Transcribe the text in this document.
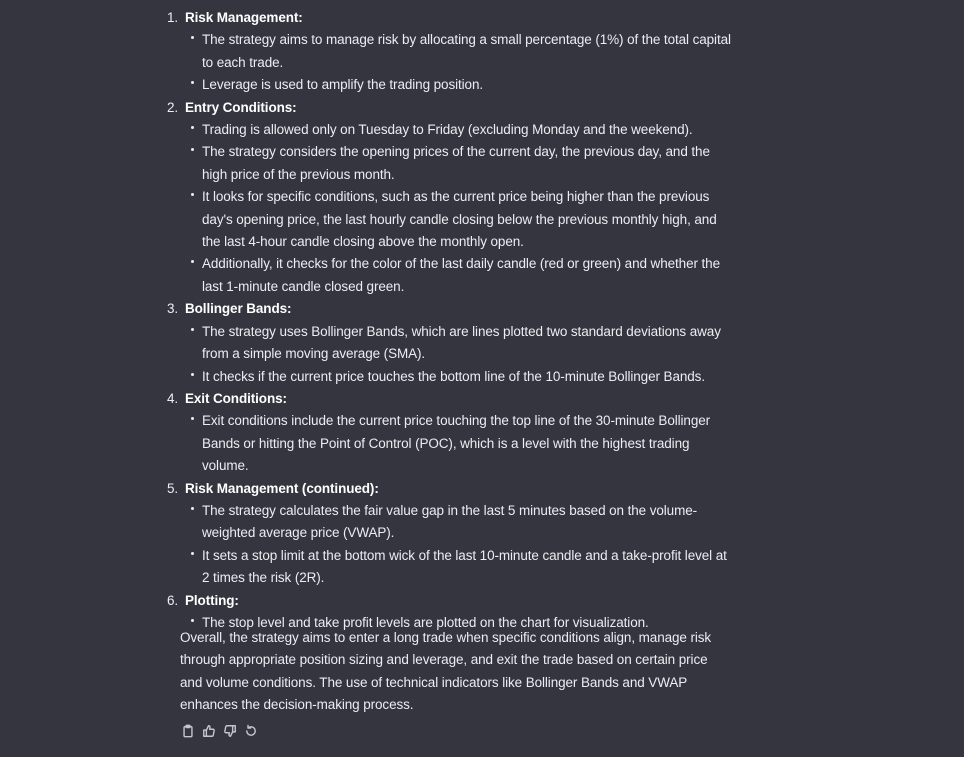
1. Risk Management:
The strategy aims to manage risk by allocating a small percentage (1%) of the total capital to each trade.
Leverage is used to amplify the trading position.
2. Entry Conditions:
Trading is allowed only on Tuesday to Friday (excluding Monday and the weekend).
The strategy considers the opening prices of the current day, the previous day, and the high price of the previous month.
It looks for specific conditions, such as the current price being higher than the previous day's opening price, the last hourly candle closing below the previous monthly high, and the last 4-hour candle closing above the monthly open.
Additionally, it checks for the color of the last daily candle (red or green) and whether the last 1-minute candle closed green.
3. Bollinger Bands:
The strategy uses Bollinger Bands, which are lines plotted two standard deviations away from a simple moving average (SMA).
It checks if the current price touches the bottom line of the 10-minute Bollinger Bands.
4. Exit Conditions:
Exit conditions include the current price touching the top line of the 30-minute Bollinger Bands or hitting the Point of Control (POC), which is a level with the highest trading volume.
5. Risk Management (continued):
The strategy calculates the fair value gap in the last 5 minutes based on the volume-weighted average price (VWAP).
It sets a stop limit at the bottom wick of the last 10-minute candle and a take-profit level at 2 times the risk (2R).
6. Plotting:
The stop level and take profit levels are plotted on the chart for visualization.

Overall, the strategy aims to enter a long trade when specific conditions align, manage risk through appropriate position sizing and leverage, and exit the trade based on certain price and volume conditions. The use of technical indicators like Bollinger Bands and VWAP enhances the decision-making process.
